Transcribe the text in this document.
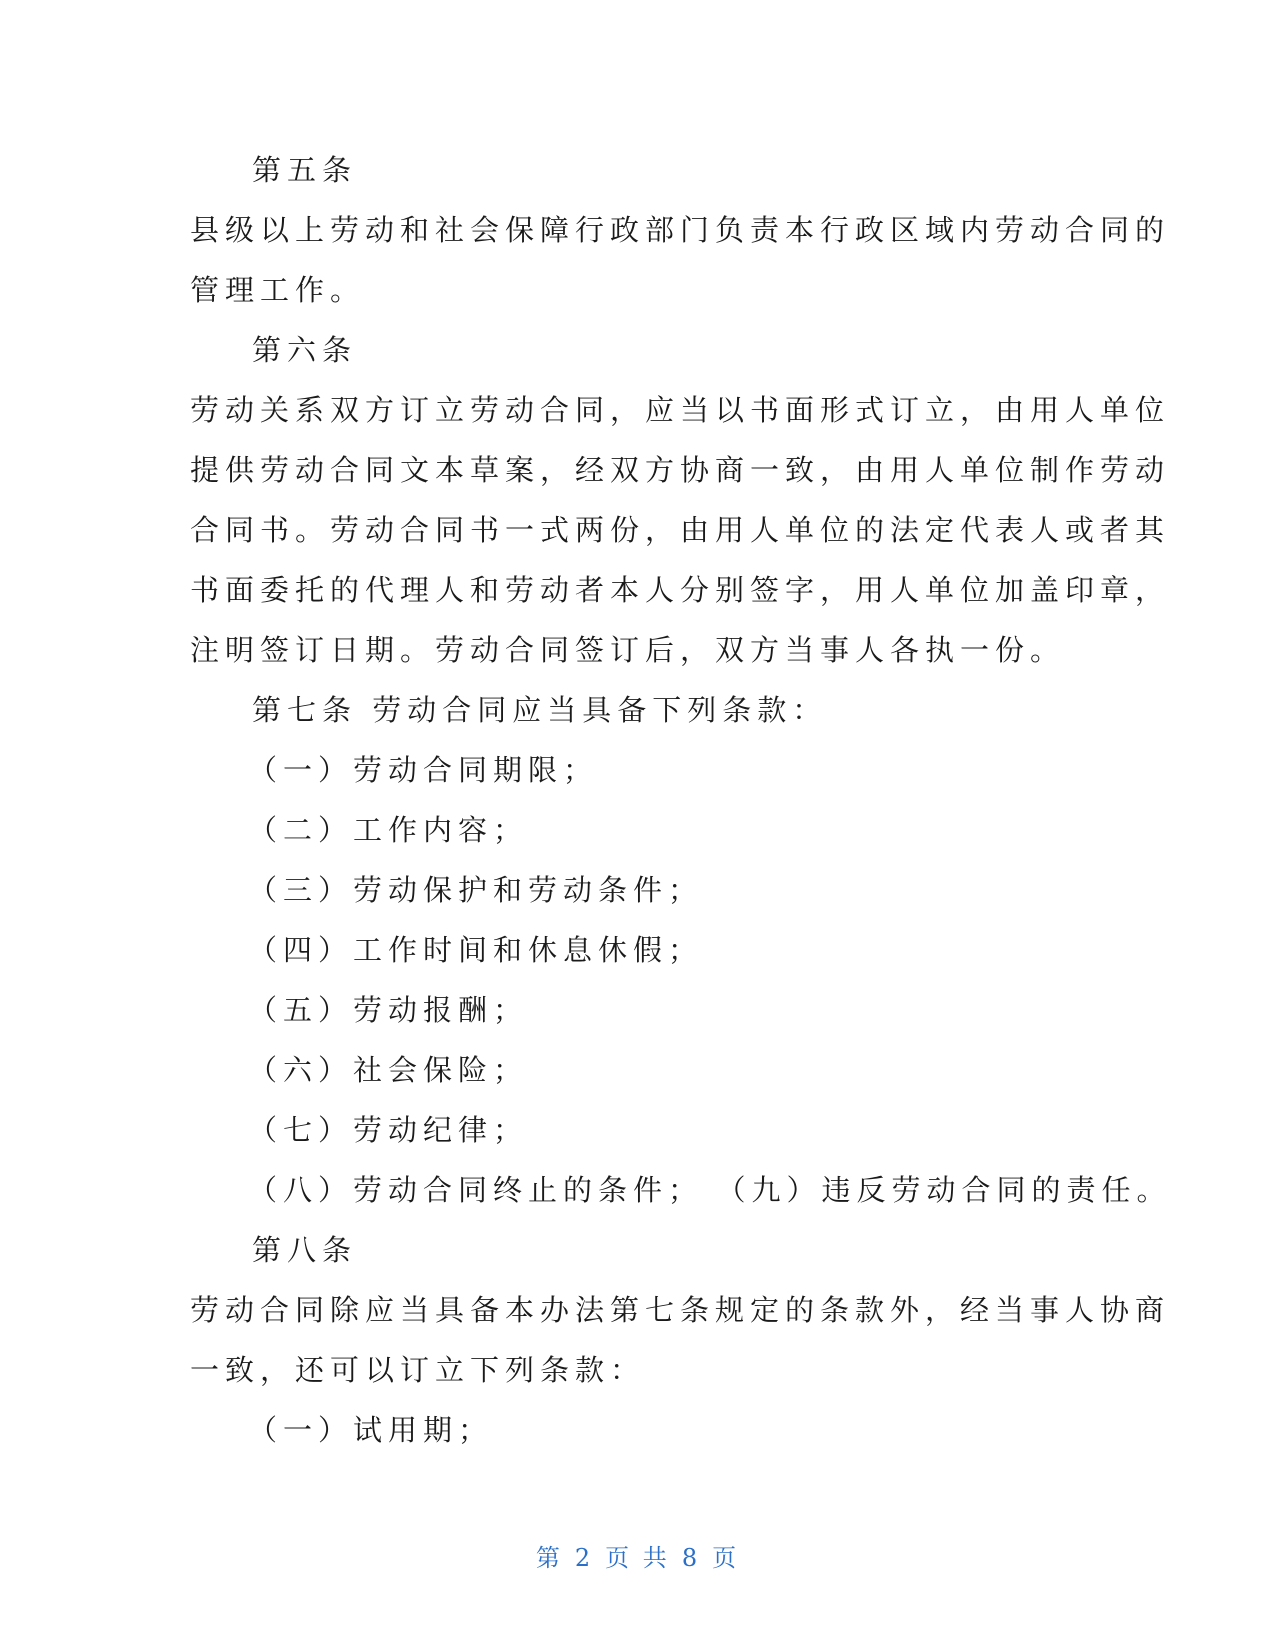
第五条
县级以上劳动和社会保障行政部门负责本行政区域内劳动合同的
管理工作。
第六条
劳动关系双方订立劳动合同，应当以书面形式订立，由用人单位
提供劳动合同文本草案，经双方协商一致，由用人单位制作劳动
合同书。劳动合同书一式两份，由用人单位的法定代表人或者其
书面委托的代理人和劳动者本人分别签字，用人单位加盖印章，
注明签订日期。劳动合同签订后，双方当事人各执一份。
第七条 劳动合同应当具备下列条款：
（一）劳动合同期限；
（二）工作内容；
（三）劳动保护和劳动条件；
（四）工作时间和休息休假；
（五）劳动报酬；
（六）社会保险；
（七）劳动纪律；
（八）劳动合同终止的条件； （九）违反劳动合同的责任。
第八条
劳动合同除应当具备本办法第七条规定的条款外，经当事人协商
一致，还可以订立下列条款：
（一）试用期；
第 2 页 共 8 页
